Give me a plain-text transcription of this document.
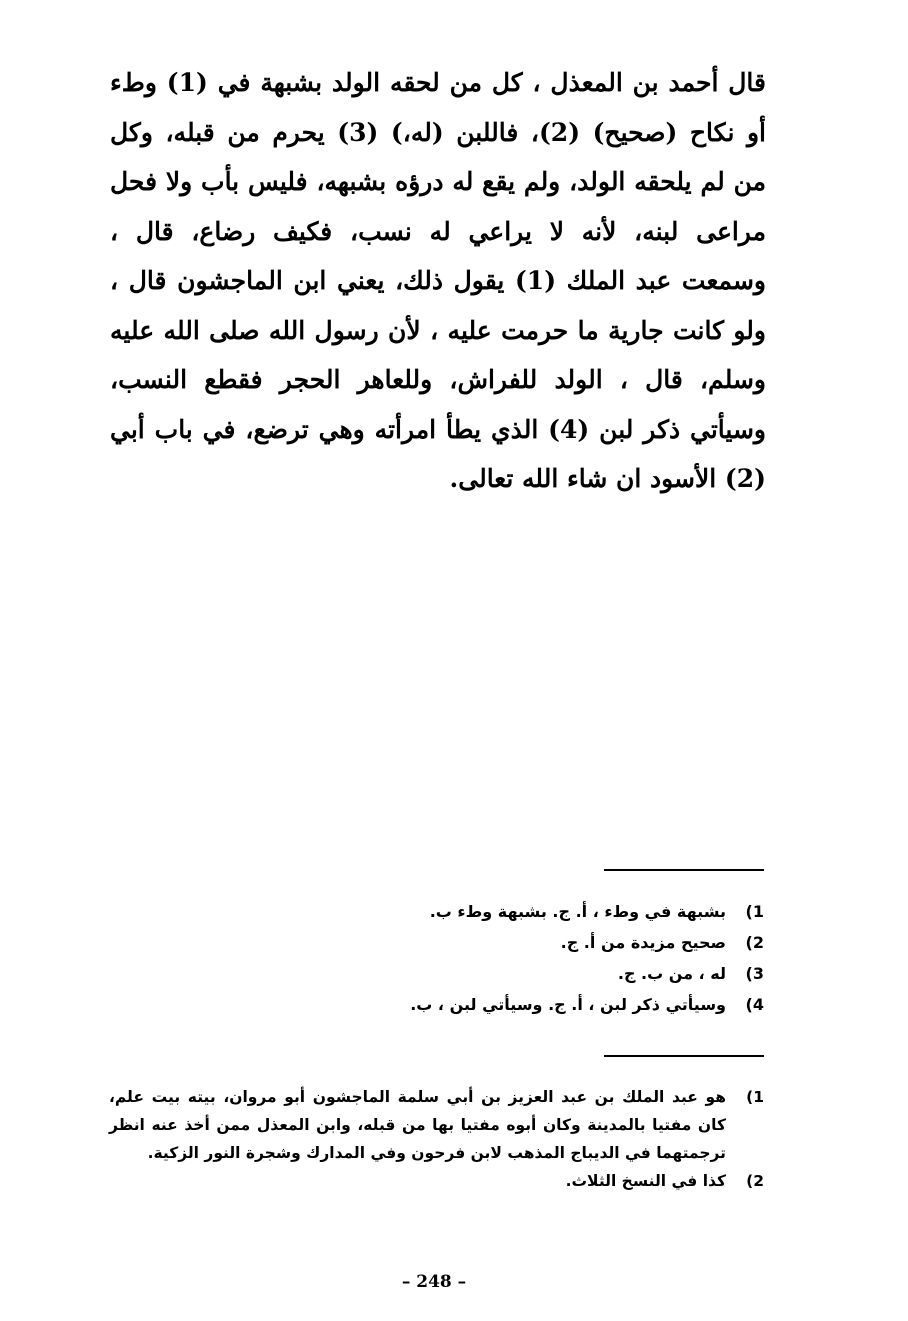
قال أحمد بن المعذل ، كل من لحقه الولد بشبهة في (1) وطء أو نكاح (صحيح) (2)، فاللبن (له،) (3) يحرم من قبله، وكل من لم يلحقه الولد، ولم يقع له درؤه بشبهه، فليس بأب ولا فحل مراعى لبنه، لأنه لا يراعي له نسب، فكيف رضاع، قال ، وسمعت عبد الملك (1) يقول ذلك، يعني ابن الماجشون قال ، ولو كانت جارية ما حرمت عليه ، لأن رسول الله صلى الله عليه وسلم، قال ، الولد للفراش، وللعاهر الحجر فقطع النسب، وسيأتي ذكر لبن (4) الذي يطأ امرأته وهي ترضع، في باب أبي (2) الأسود ان شاء الله تعالى.

(1
بشبهة في وطء ، أ. ج. بشبهة وطء ب.
(2
صحيح مزيدة من أ. ج.
(3
له ، من ب. ج.
(4
وسيأتي ذكر لبن ، أ. ج. وسيأتي لبن ، ب.
(1
هو عبد الملك بن عبد العزيز بن أبي سلمة الماجشون أبو مروان، بيته بيت علم، كان مفتيا بالمدينة وكان أبوه مفتيا بها من قبله، وابن المعذل ممن أخذ عنه انظر ترجمتهما في الديباج المذهب لابن فرحون وفي المدارك وشجرة النور الزكية.
(2
كذا في النسخ الثلاث.
– 248 –
